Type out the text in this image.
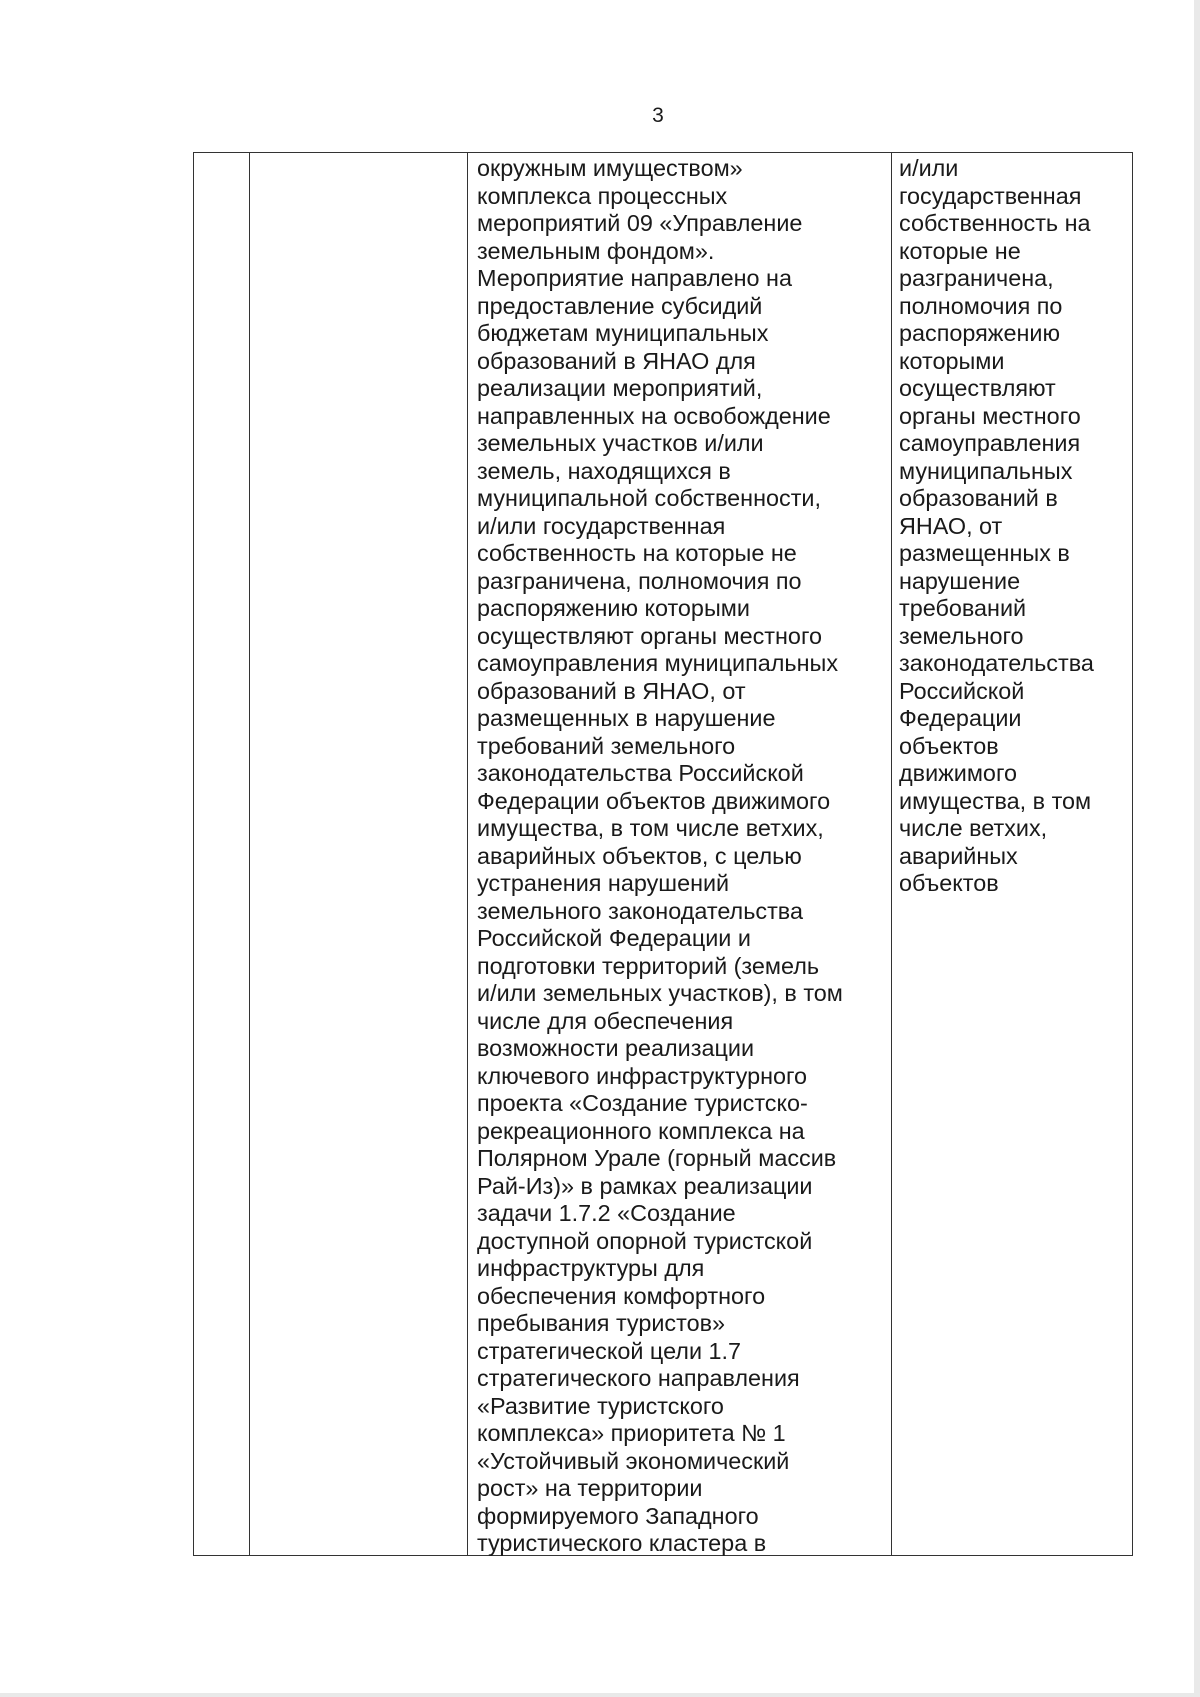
3
окружным имуществом»
комплекса процессных
мероприятий 09 «Управление
земельным фондом».
Мероприятие направлено на
предоставление субсидий
бюджетам муниципальных
образований в ЯНАО для
реализации мероприятий,
направленных на освобождение
земельных участков и/или
земель, находящихся в
муниципальной собственности,
и/или государственная
собственность на которые не
разграничена, полномочия по
распоряжению которыми
осуществляют органы местного
самоуправления муниципальных
образований в ЯНАО, от
размещенных в нарушение
требований земельного
законодательства Российской
Федерации объектов движимого
имущества, в том числе ветхих,
аварийных объектов, с целью
устранения нарушений
земельного законодательства
Российской Федерации и
подготовки территорий (земель
и/или земельных участков), в том
числе для обеспечения
возможности реализации
ключевого инфраструктурного
проекта «Создание туристско-
рекреационного комплекса на
Полярном Урале (горный массив
Рай-Из)» в рамках реализации
задачи 1.7.2 «Создание
доступной опорной туристской
инфраструктуры для
обеспечения комфортного
пребывания туристов»
стратегической цели 1.7
стратегического направления
«Развитие туристского
комплекса» приоритета № 1
«Устойчивый экономический
рост» на территории
формируемого Западного
туристического кластера в
и/или
государственная
собственность на
которые не
разграничена,
полномочия по
распоряжению
которыми
осуществляют
органы местного
самоуправления
муниципальных
образований в
ЯНАО, от
размещенных в
нарушение
требований
земельного
законодательства
Российской
Федерации
объектов
движимого
имущества, в том
числе ветхих,
аварийных
объектов
